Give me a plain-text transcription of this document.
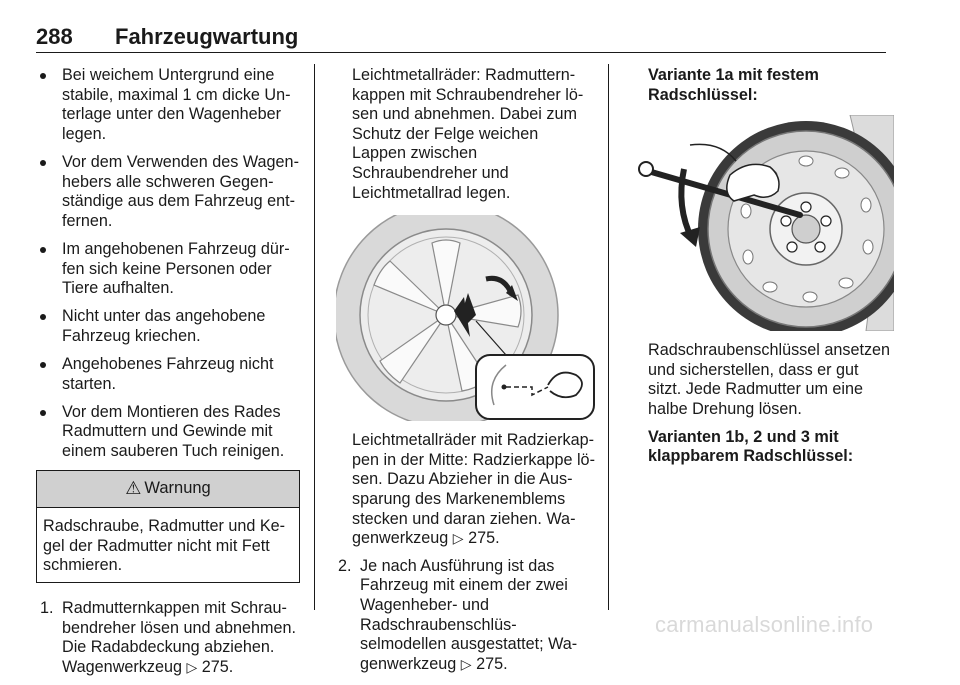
288 Fahrzeugwartung
Bei weichem Untergrund eine stabile, maximal 1 cm dicke Unterlage unter den Wagenheber legen.
Vor dem Verwenden des Wagenhebers alle schweren Gegenständige aus dem Fahrzeug entfernen.
Im angehobenen Fahrzeug dürfen sich keine Personen oder Tiere aufhalten.
Nicht unter das angehobene Fahrzeug kriechen.
Angehobenes Fahrzeug nicht starten.
Vor dem Montieren des Rades Radmuttern und Gewinde mit einem sauberen Tuch reinigen.
⚠ Warnung
Radschraube, Radmutter und Kegel der Radmutter nicht mit Fett schmieren.
1. Radmutternkappen mit Schraubendreher lösen und abnehmen. Die Radabdeckung abziehen. Wagenwerkzeug ▷ 275.

Leichtmetallräder: Radmutternkappen mit Schraubendreher lösen und abnehmen. Dabei zum Schutz der Felge weichen Lappen zwischen Schraubendreher und Leichtmetallrad legen.

Leichtmetallräder mit Radzierkappen in der Mitte: Radzierkappe lösen. Dazu Abzieher in die Aussparung des Markenemblems stecken und daran ziehen. Wagenwerkzeug ▷ 275.

2. Je nach Ausführung ist das Fahrzeug mit einem der zwei Wagenheber- und Radschraubenschlüsselmodellen ausgestattet; Wagenwerkzeug ▷ 275.

Variante 1a mit festem Radschlüssel:

Radschraubenschlüssel ansetzen und sicherstellen, dass er gut sitzt. Jede Radmutter um eine halbe Drehung lösen.

Varianten 1b, 2 und 3 mit klappbarem Radschlüssel:

carmanualsonline.info
